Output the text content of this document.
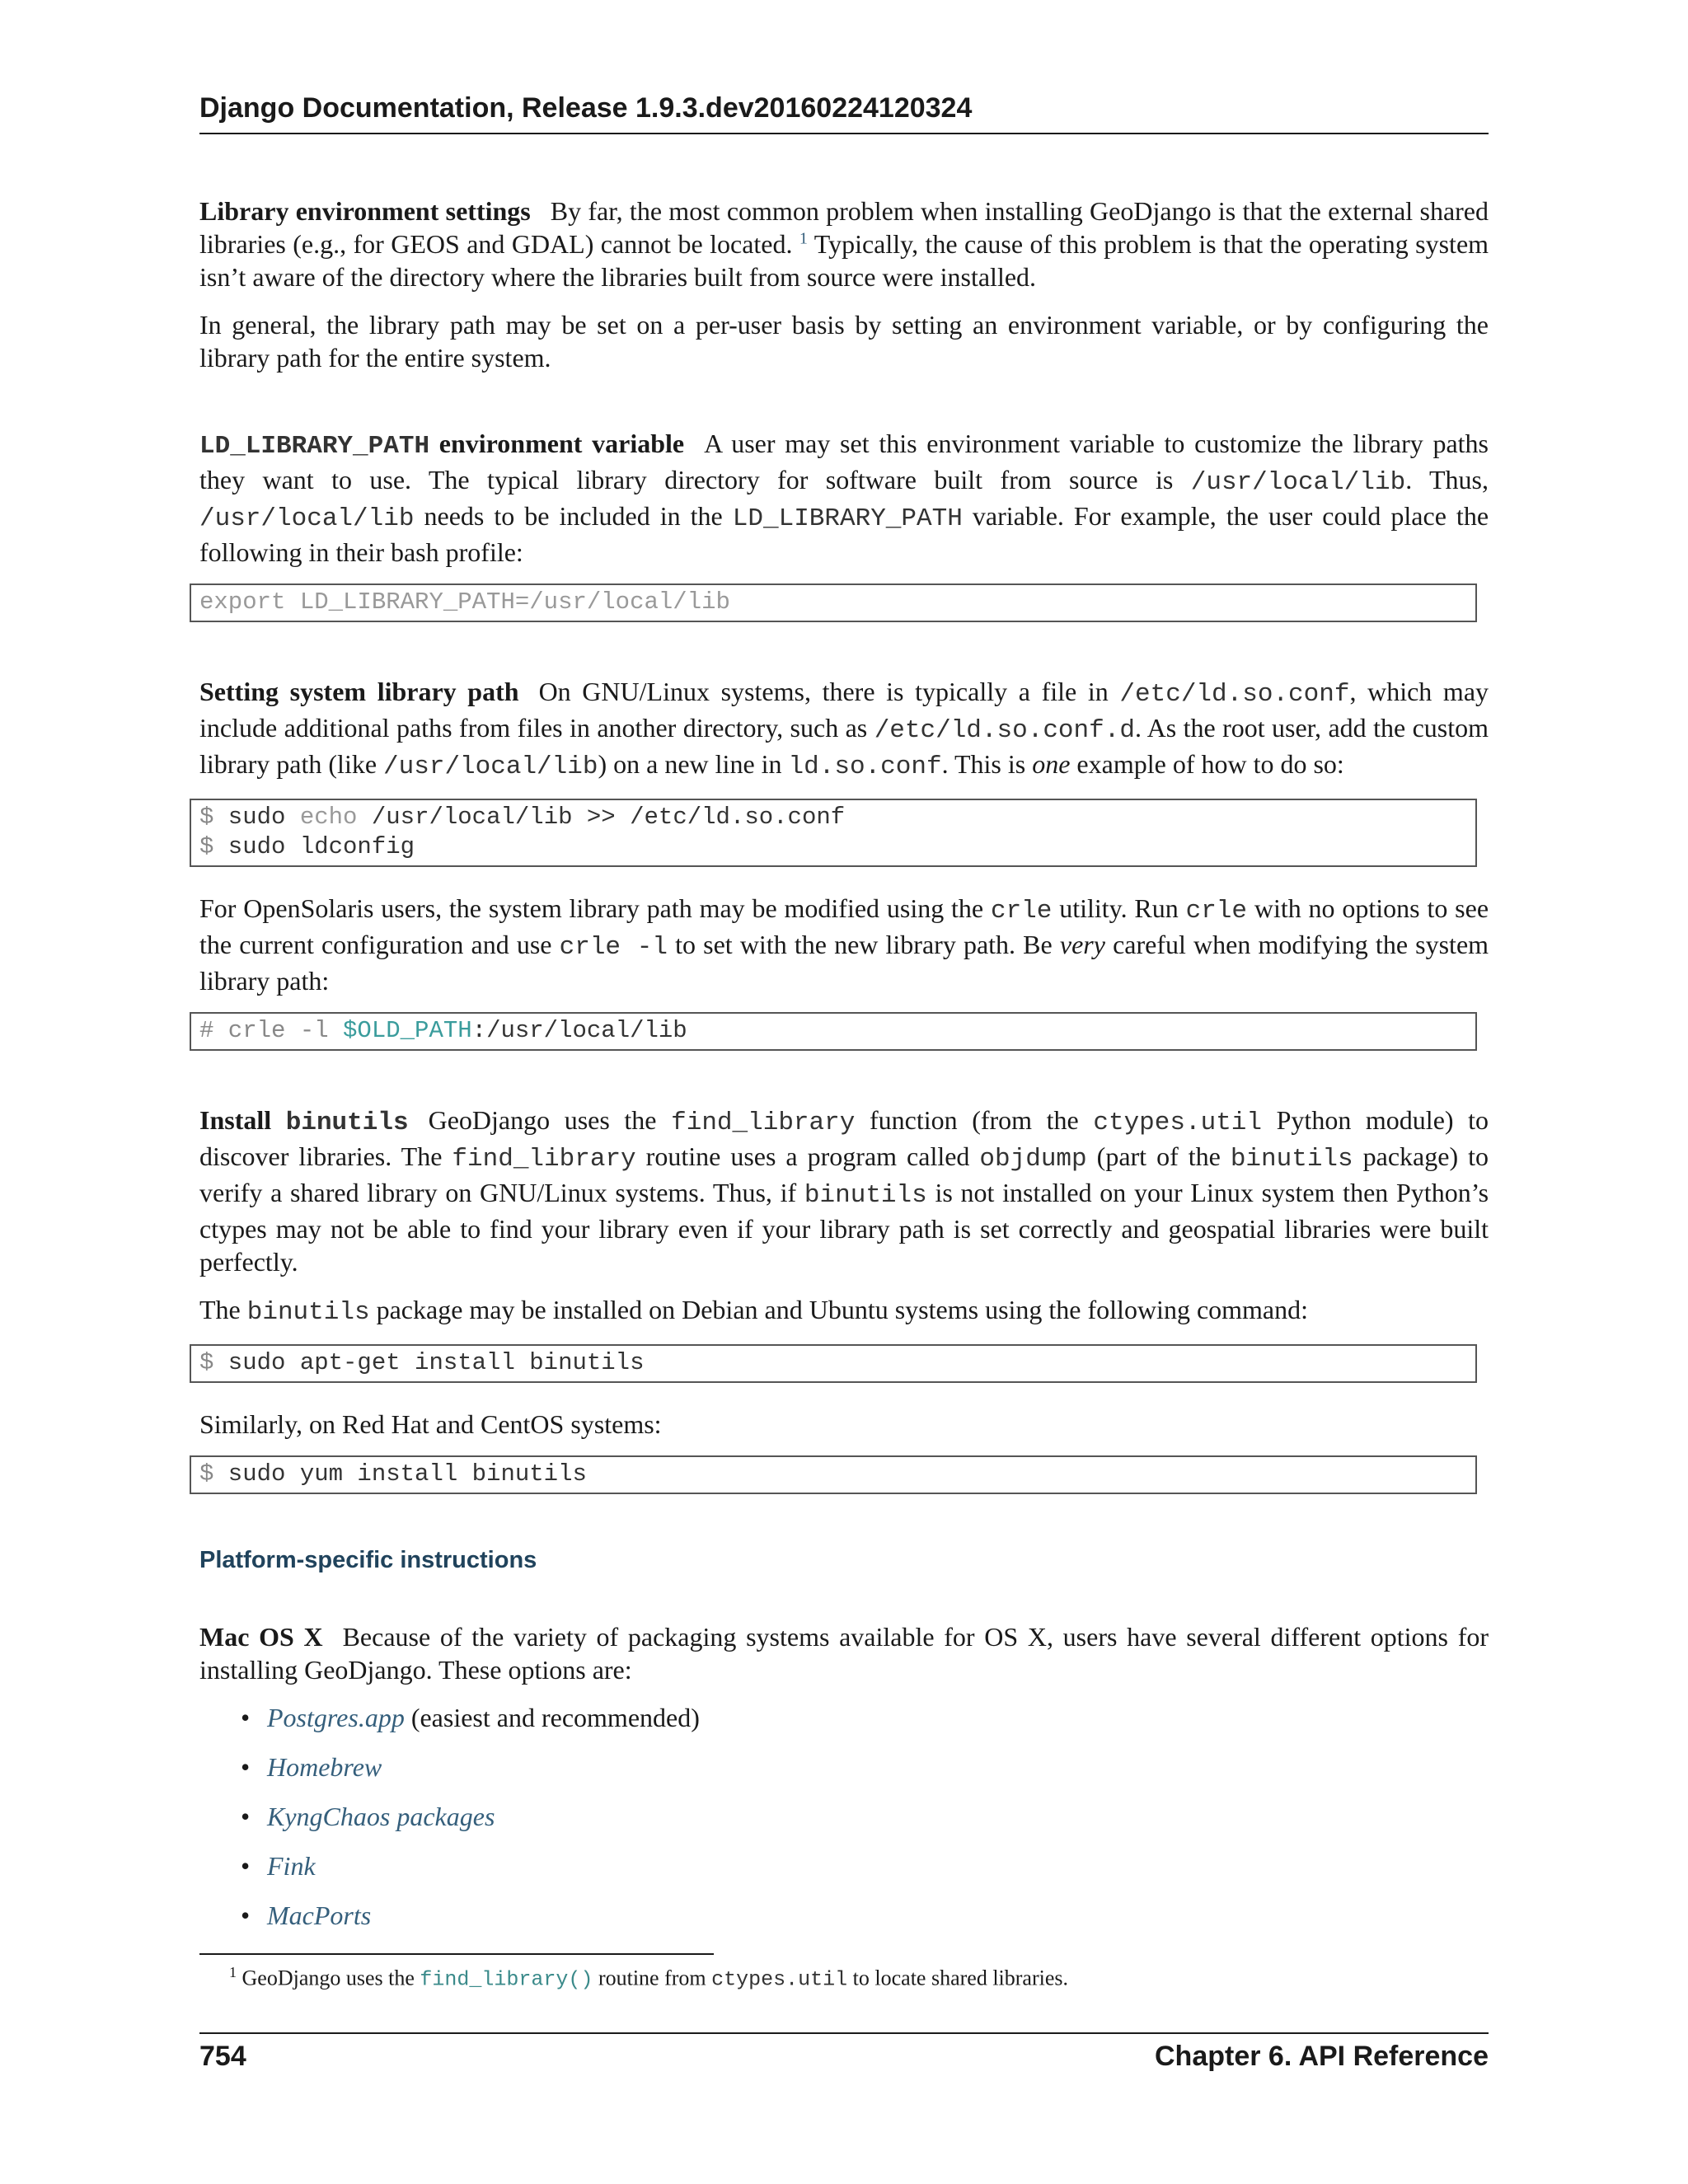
Django Documentation, Release 1.9.3.dev20160224120324

Library environment settings By far, the most common problem when installing GeoDjango is that the external shared libraries (e.g., for GEOS and GDAL) cannot be located. $^1$ Typically, the cause of this problem is that the operating system isn’t aware of the directory where the libraries built from source were installed.

In general, the library path may be set on a per-user basis by setting an environment variable, or by configuring the library path for the entire system.

LD_LIBRARY_PATH environment variable A user may set this environment variable to customize the library paths they want to use. The typical library directory for software built from source is /usr/local/lib. Thus, /usr/local/lib needs to be included in the LD_LIBRARY_PATH variable. For example, the user could place the following in their bash profile:

export LD_LIBRARY_PATH=/usr/local/lib

Setting system library path On GNU/Linux systems, there is typically a file in /etc/ld.so.conf, which may include additional paths from files in another directory, such as /etc/ld.so.conf.d. As the root user, add the custom library path (like /usr/local/lib) on a new line in ld.so.conf. This is one example of how to do so:

$ sudo echo /usr/local/lib >> /etc/ld.so.conf
$ sudo ldconfig

For OpenSolaris users, the system library path may be modified using the crle utility. Run crle with no options to see the current configuration and use crle -l to set with the new library path. Be very careful when modifying the system library path:

# crle -l $OLD_PATH:/usr/local/lib

Install binutils GeoDjango uses the find_library function (from the ctypes.util Python module) to discover libraries. The find_library routine uses a program called objdump (part of the binutils package) to verify a shared library on GNU/Linux systems. Thus, if binutils is not installed on your Linux system then Python’s ctypes may not be able to find your library even if your library path is set correctly and geospatial libraries were built perfectly.

The binutils package may be installed on Debian and Ubuntu systems using the following command:

$ sudo apt-get install binutils

Similarly, on Red Hat and CentOS systems:

$ sudo yum install binutils
Platform-specific instructions

Mac OS X Because of the variety of packaging systems available for OS X, users have several different options for installing GeoDjango. These options are:

• Postgres.app (easiest and recommended)
• Homebrew
• KyngChaos packages
• Fink
• MacPorts
$^1$ GeoDjango uses the find_library() routine from ctypes.util to locate shared libraries.
754	Chapter 6. API Reference
